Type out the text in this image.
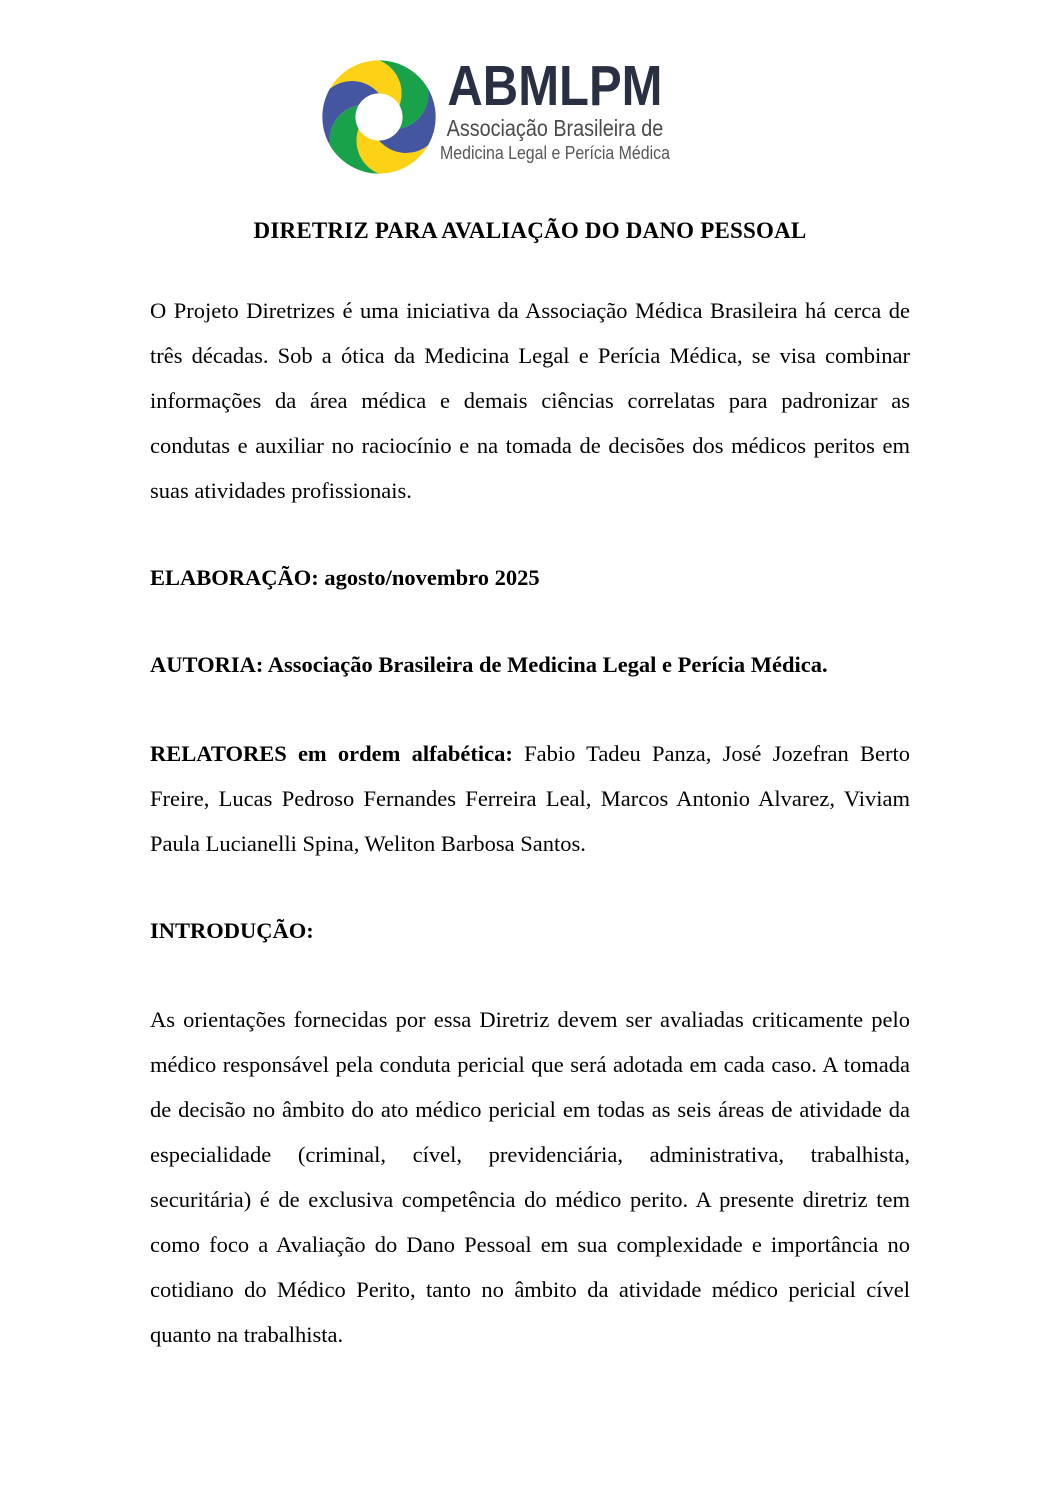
ABMLPM
Associação Brasileira de
Medicina Legal e Perícia Médica
DIRETRIZ PARA AVALIAÇÃO DO DANO PESSOAL

O Projeto Diretrizes é uma iniciativa da Associação Médica Brasileira há cerca de três décadas. Sob a ótica da Medicina Legal e Perícia Médica, se visa combinar informações da área médica e demais ciências correlatas para padronizar as condutas e auxiliar no raciocínio e na tomada de decisões dos médicos peritos em suas atividades profissionais.

ELABORAÇÃO: agosto/novembro 2025

AUTORIA: Associação Brasileira de Medicina Legal e Perícia Médica.

RELATORES em ordem alfabética: Fabio Tadeu Panza, José Jozefran Berto Freire, Lucas Pedroso Fernandes Ferreira Leal, Marcos Antonio Alvarez, Viviam Paula Lucianelli Spina, Weliton Barbosa Santos.

INTRODUÇÃO:

As orientações fornecidas por essa Diretriz devem ser avaliadas criticamente pelo médico responsável pela conduta pericial que será adotada em cada caso. A tomada de decisão no âmbito do ato médico pericial em todas as seis áreas de atividade da especialidade (criminal, cível, previdenciária, administrativa, trabalhista, securitária) é de exclusiva competência do médico perito. A presente diretriz tem como foco a Avaliação do Dano Pessoal em sua complexidade e importância no cotidiano do Médico Perito, tanto no âmbito da atividade médico pericial cível quanto na trabalhista.
